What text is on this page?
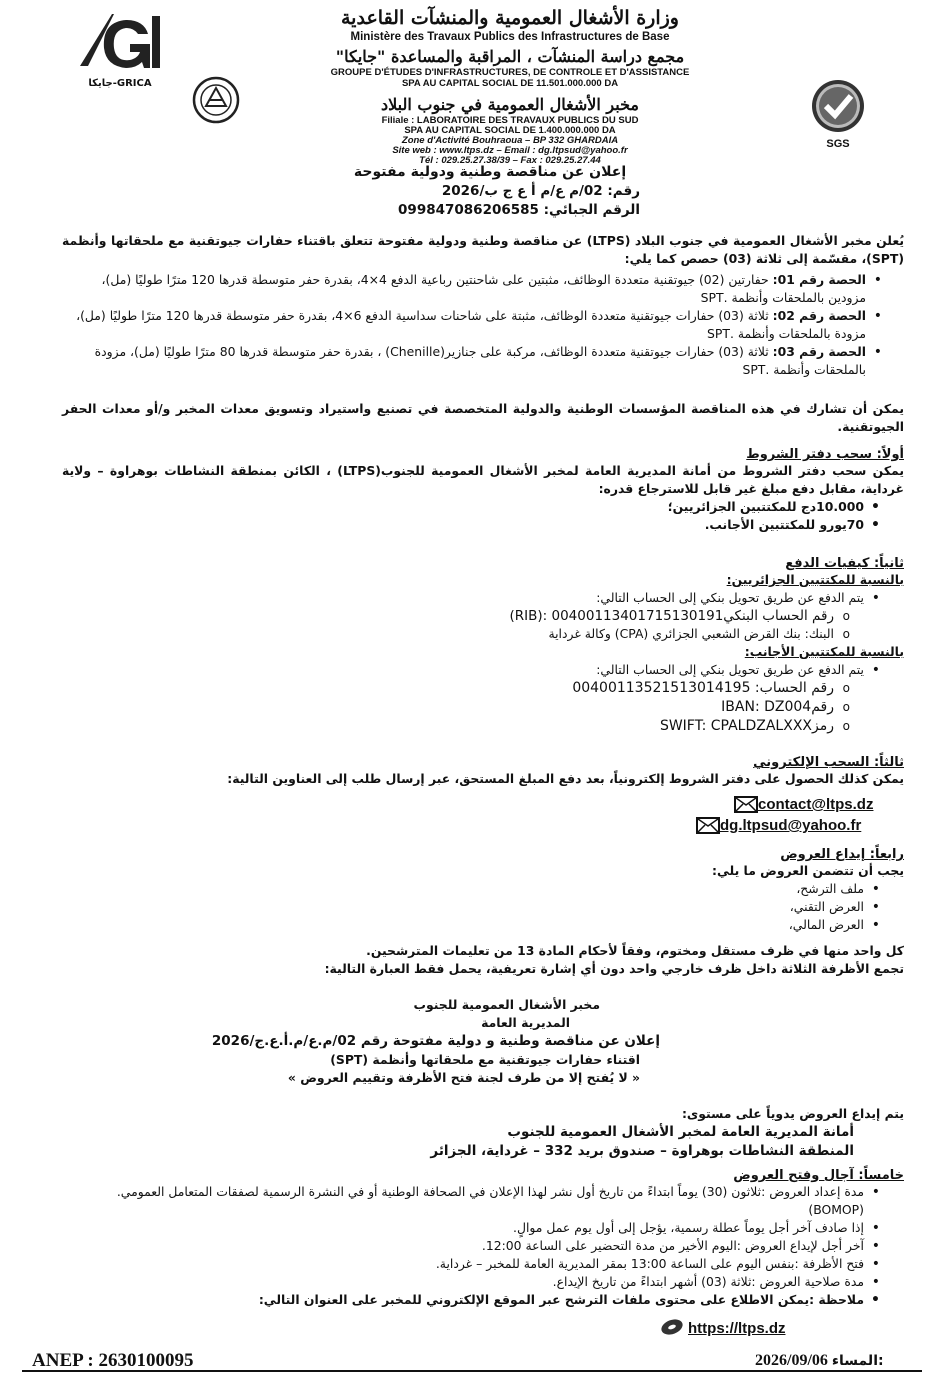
GRICA-جايكا
SGS
وزارة الأشغال العمومية والمنشآت القاعدية
Ministère des Travaux Publics des Infrastructures de Base
مجمع دراسة المنشآت ، المراقبة والمساعدة "جايكا"
GROUPE D'ÉTUDES D'INFRASTRUCTURES, DE CONTROLE ET D'ASSISTANCE
SPA AU CAPITAL SOCIAL DE 11.501.000.000 DA
مخبر الأشغال العمومية في جنوب البلاد
Filiale : LABORATOIRE DES TRAVAUX PUBLICS DU SUD
SPA AU CAPITAL SOCIAL DE 1.400.000.000 DA
Zone d'Activité Bouhraoua – BP 332 GHARDAIA
Site web : www.ltps.dz – Email : dg.ltpsud@yahoo.fr
Tél : 029.25.27.38/39 – Fax : 029.25.27.44
إعلان عن مناقصة وطنية ودولية مفتوحة
رقم: 02/م ع/م أ ع ج ب/2026
الرقم الجبائي: 099847086206585
يُعلن مخبر الأشغال العمومية في جنوب البلاد (LTPS) عن مناقصة وطنية ودولية مفتوحة تتعلق باقتناء حفارات جيوتقنية مع ملحقاتها وأنظمة (SPT)، مقسّمة إلى ثلاثة (03) حصص كما يلي:
• الحصة رقم 01: حفارتين (02) جيوتقنية متعددة الوظائف، مثبتين على شاحنتين رباعية الدفع 4×4، بقدرة حفر متوسطة قدرها 120 مترًا طوليًا (مل)، مزودين بالملحقات وأنظمة .SPT
• الحصة رقم 02: ثلاثة (03) حفارات جيوتقنية متعددة الوظائف، مثبتة على شاحنات سداسية الدفع 6×4، بقدرة حفر متوسطة قدرها 120 مترًا طوليًا (مل)، مزودة بالملحقات وأنظمة .SPT
• الحصة رقم 03: ثلاثة (03) حفارات جيوتقنية متعددة الوظائف، مركبة على جنازير(Chenille) ، بقدرة حفر متوسطة قدرها 80 مترًا طوليًا (مل)، مزودة بالملحقات وأنظمة .SPT
يمكن أن تشارك في هذه المناقصة المؤسسات الوطنية والدولية المتخصصة في تصنيع واستيراد وتسويق معدات المخبر و/أو معدات الحفر الجيوتقنية.
أولاً: سحب دفتر الشروط
يمكن سحب دفتر الشروط من أمانة المديرية العامة لمخبر الأشغال العمومية للجنوب(LTPS) ، الكائن بمنطقة النشاطات بوهراوة – ولاية غرداية، مقابل دفع مبلغ غير قابل للاسترجاع قدره:
• 10.000دج للمكتتبين الجزائريين؛
• 70يورو للمكتتبين الأجانب.
ثانياً: كيفيات الدفع
بالنسبة للمكتتبين الجزائريين:
• يتم الدفع عن طريق تحويل بنكي إلى الحساب التالي:
o رقم الحساب البنكي00400113401715130191 :(RIB)
o البنك: بنك القرض الشعبي الجزائري (CPA) وكالة غرداية
بالنسبة للمكتتبين الأجانب:
• يتم الدفع عن طريق تحويل بنكي إلى الحساب التالي:
o رقم الحساب: 00400113521513014195
o رقمIBAN: DZ004
o رمزSWIFT: CPALDZALXXX
ثالثاً: السحب الإلكتروني
يمكن كذلك الحصول على دفتر الشروط إلكترونياً، بعد دفع المبلغ المستحق، عبر إرسال طلب إلى العناوين التالية:
contact@ltps.dz
dg.ltpsud@yahoo.fr
رابعاً: إيداع العروض
يجب أن تتضمن العروض ما يلي:
• ملف الترشح،
• العرض التقني،
• العرض المالي،
كل واحد منها في ظرف مستقل ومختوم، وفقاً لأحكام المادة 13 من تعليمات المترشحين.
تجمع الأظرفة الثلاثة داخل ظرف خارجي واحد دون أي إشارة تعريفية، يحمل فقط العبارة التالية:
مخبر الأشغال العمومية للجنوب
المديرية العامة
إعلان عن مناقصة وطنية و دولية مفتوحة رقم 02/م.ع/م.أ.ع.ج/2026
اقتناء حفارات جيوتقنية مع ملحقاتها وأنظمة (SPT)
« لا يُفتح إلا من طرف لجنة فتح الأظرفة وتقييم العروض »
يتم إيداع العروض يدوياً على مستوى:
أمانة المديرية العامة لمخبر الأشغال العمومية للجنوب
المنطقة النشاطات بوهراوة – صندوق بريد 332 – غرداية، الجزائر
خامساً: آجال وفتح العروض
• مدة إعداد العروض :ثلاثون (30) يوماً ابتداءً من تاريخ أول نشر لهذا الإعلان في الصحافة الوطنية أو في النشرة الرسمية لصفقات المتعامل العمومي.(BOMOP)
• إذا صادف آخر أجل يوماً عطلة رسمية، يؤجل إلى أول يوم عمل موالٍ.
• آخر أجل لإيداع العروض :اليوم الأخير من مدة التحضير على الساعة 12:00.
• فتح الأظرفة :بنفس اليوم على الساعة 13:00 بمقر المديرية العامة للمخبر – غرداية.
• مدة صلاحية العروض :ثلاثة (03) أشهر ابتداءً من تاريخ الإيداع.
• ملاحظة :يمكن الاطلاع على محتوى ملفات الترشح عبر الموقع الإلكتروني للمخبر على العنوان التالي:
https://ltps.dz
ANEP : 2630100095	2026/09/06 المساء:
